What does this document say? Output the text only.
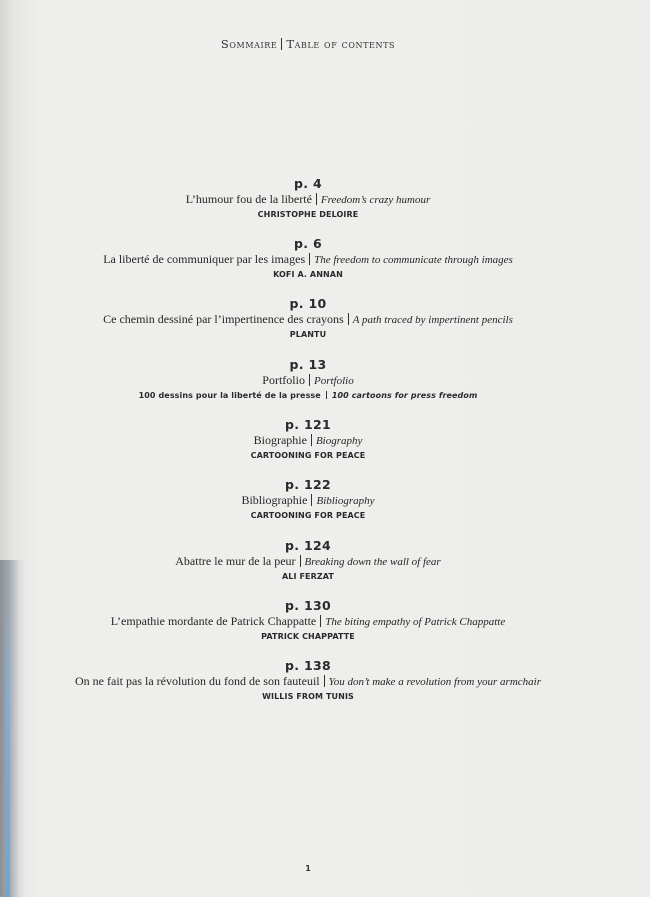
Sommaire Table of contents
p. 4
L’humour fou de la liberté Freedom’s crazy humour
CHRISTOPHE DELOIRE
p. 6
La liberté de communiquer par les images The freedom to communicate through images
KOFI A. ANNAN
p. 10
Ce chemin dessiné par l’impertinence des crayons A path traced by impertinent pencils
PLANTU
p. 13
Portfolio Portfolio
100 dessins pour la liberté de la presse 100 cartoons for press freedom
p. 121
Biographie Biography
CARTOONING FOR PEACE
p. 122
Bibliographie Bibliography
CARTOONING FOR PEACE
p. 124
Abattre le mur de la peur Breaking down the wall of fear
ALI FERZAT
p. 130
L’empathie mordante de Patrick Chappatte The biting empathy of Patrick Chappatte
PATRICK CHAPPATTE
p. 138
On ne fait pas la révolution du fond de son fauteuil You don’t make a revolution from your armchair
WILLIS FROM TUNIS
1
